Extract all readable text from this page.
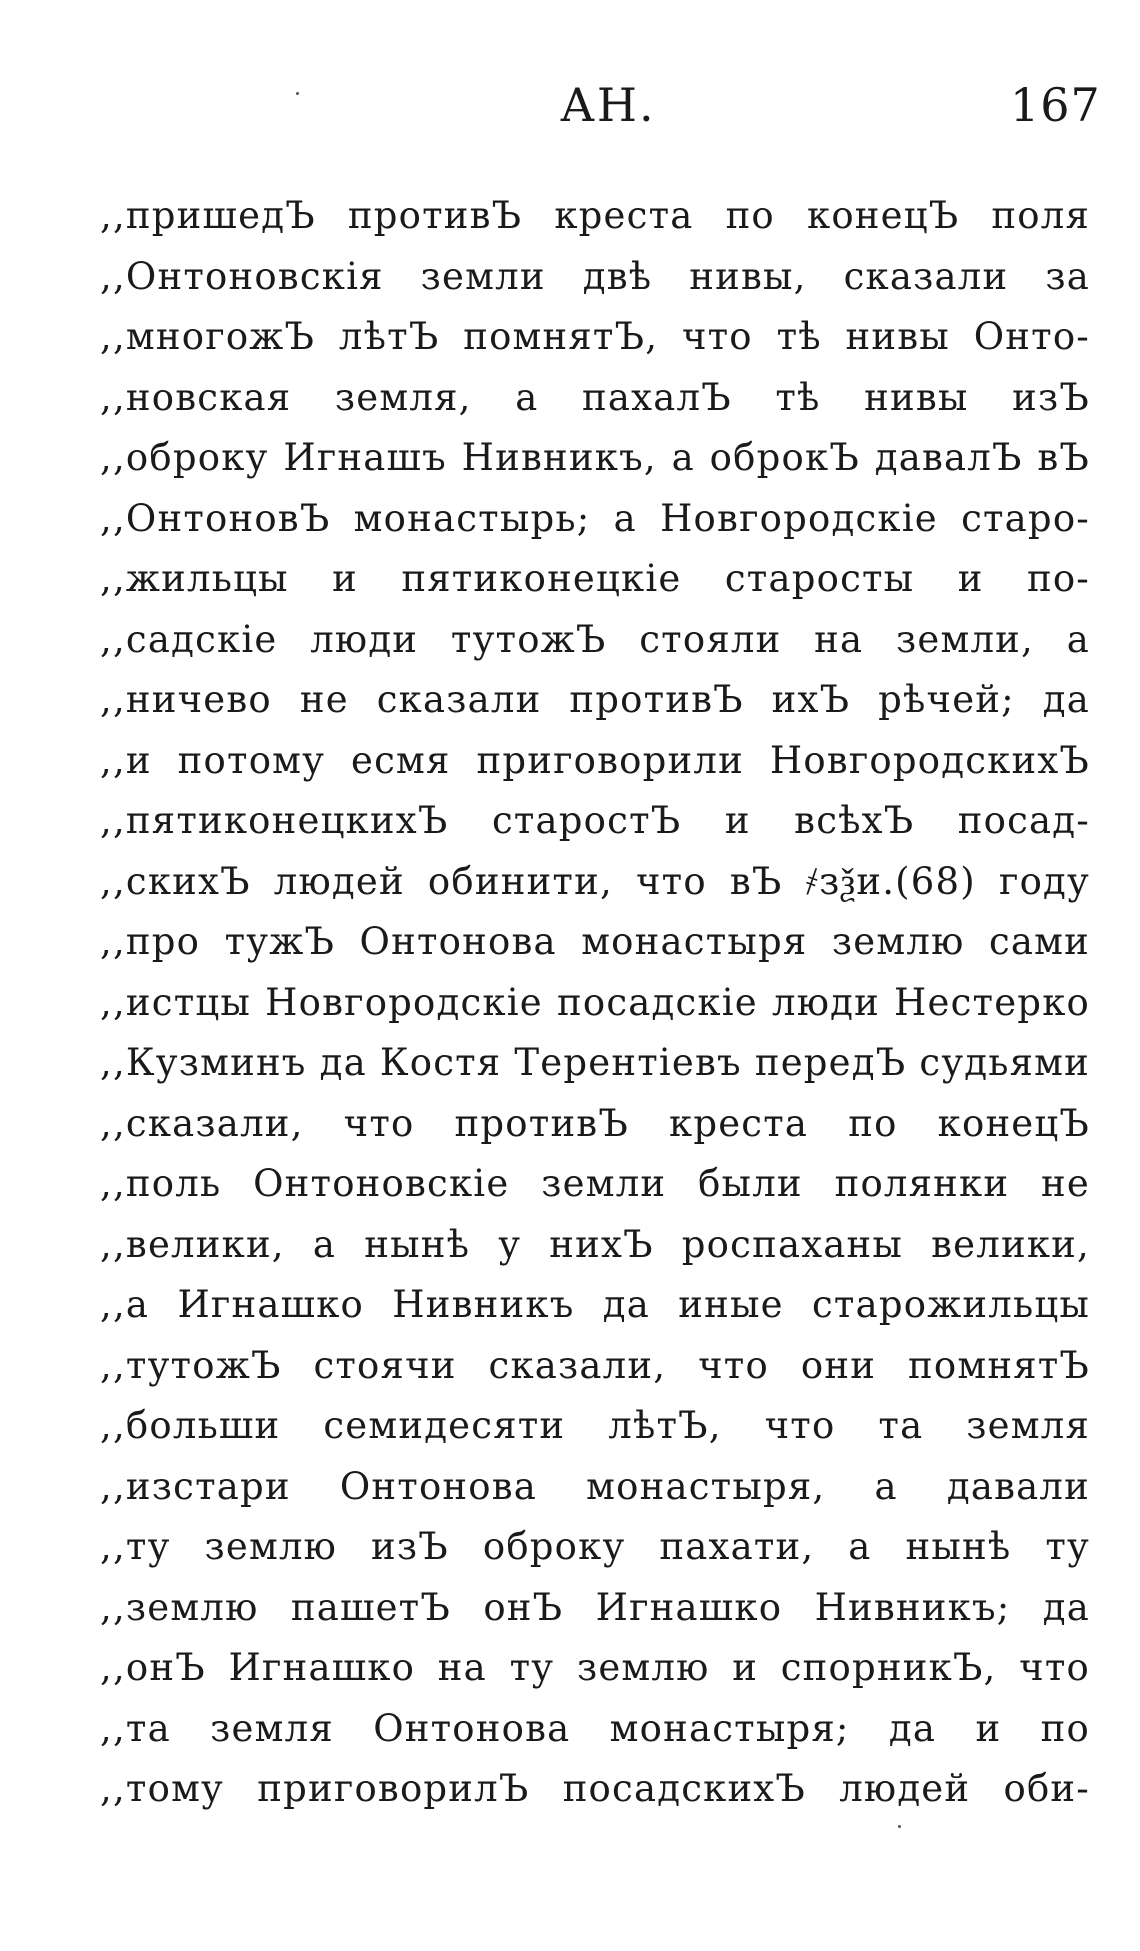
АН.	167
,,пришедЪ противЪ креста по конецЪ поля
,,Онтоновскія земли двѣ нивы, сказали за
,,многожЪ лѣтЪ помнятЪ, что тѣ нивы Онто-
,,новская земля, а пахалЪ тѣ нивы изЪ
,,оброку Игнашъ Нивникъ, а оброкЪ давалЪ вЪ
,,ОнтоновЪ монастырь; а Новгородскіе старо-
,,жильцы и пятиконецкіе старосты и по-
,,садскіе люди тутожЪ стояли на земли, а
,,ничево не сказали противЪ ихЪ рѣчей; да
,,и потому есмя приговорили НовгородскихЪ
,,пятиконецкихЪ старостЪ и всѣхЪ посад-
,,скихЪ людей обинити, что вЪ ҂зѯи.(68) году
,,про тужЪ Онтонова монастыря землю сами
,,истцы Новгородскіе посадскіе люди Нестерко
,,Кузминъ да Костя Терентіевъ передЪ судьями
,,сказали, что противЪ креста по конецЪ
,,поль Онтоновскіе земли были полянки не
,,велики, а нынѣ у нихЪ роспаханы велики,
,,а Игнашко Нивникъ да иные старожильцы
,,тутожЪ стоячи сказали, что они помнятЪ
,,больши семидесяти лѣтЪ, что та земля
,,изстари Онтонова монастыря, а давали
,,ту землю изЪ оброку пахати, а нынѣ ту
,,землю пашетЪ онЪ Игнашко Нивникъ; да
,,онЪ Игнашко на ту землю и спорникЪ, что
,,та земля Онтонова монастыря; да и по
,,тому приговорилЪ посадскихЪ людей оби-
